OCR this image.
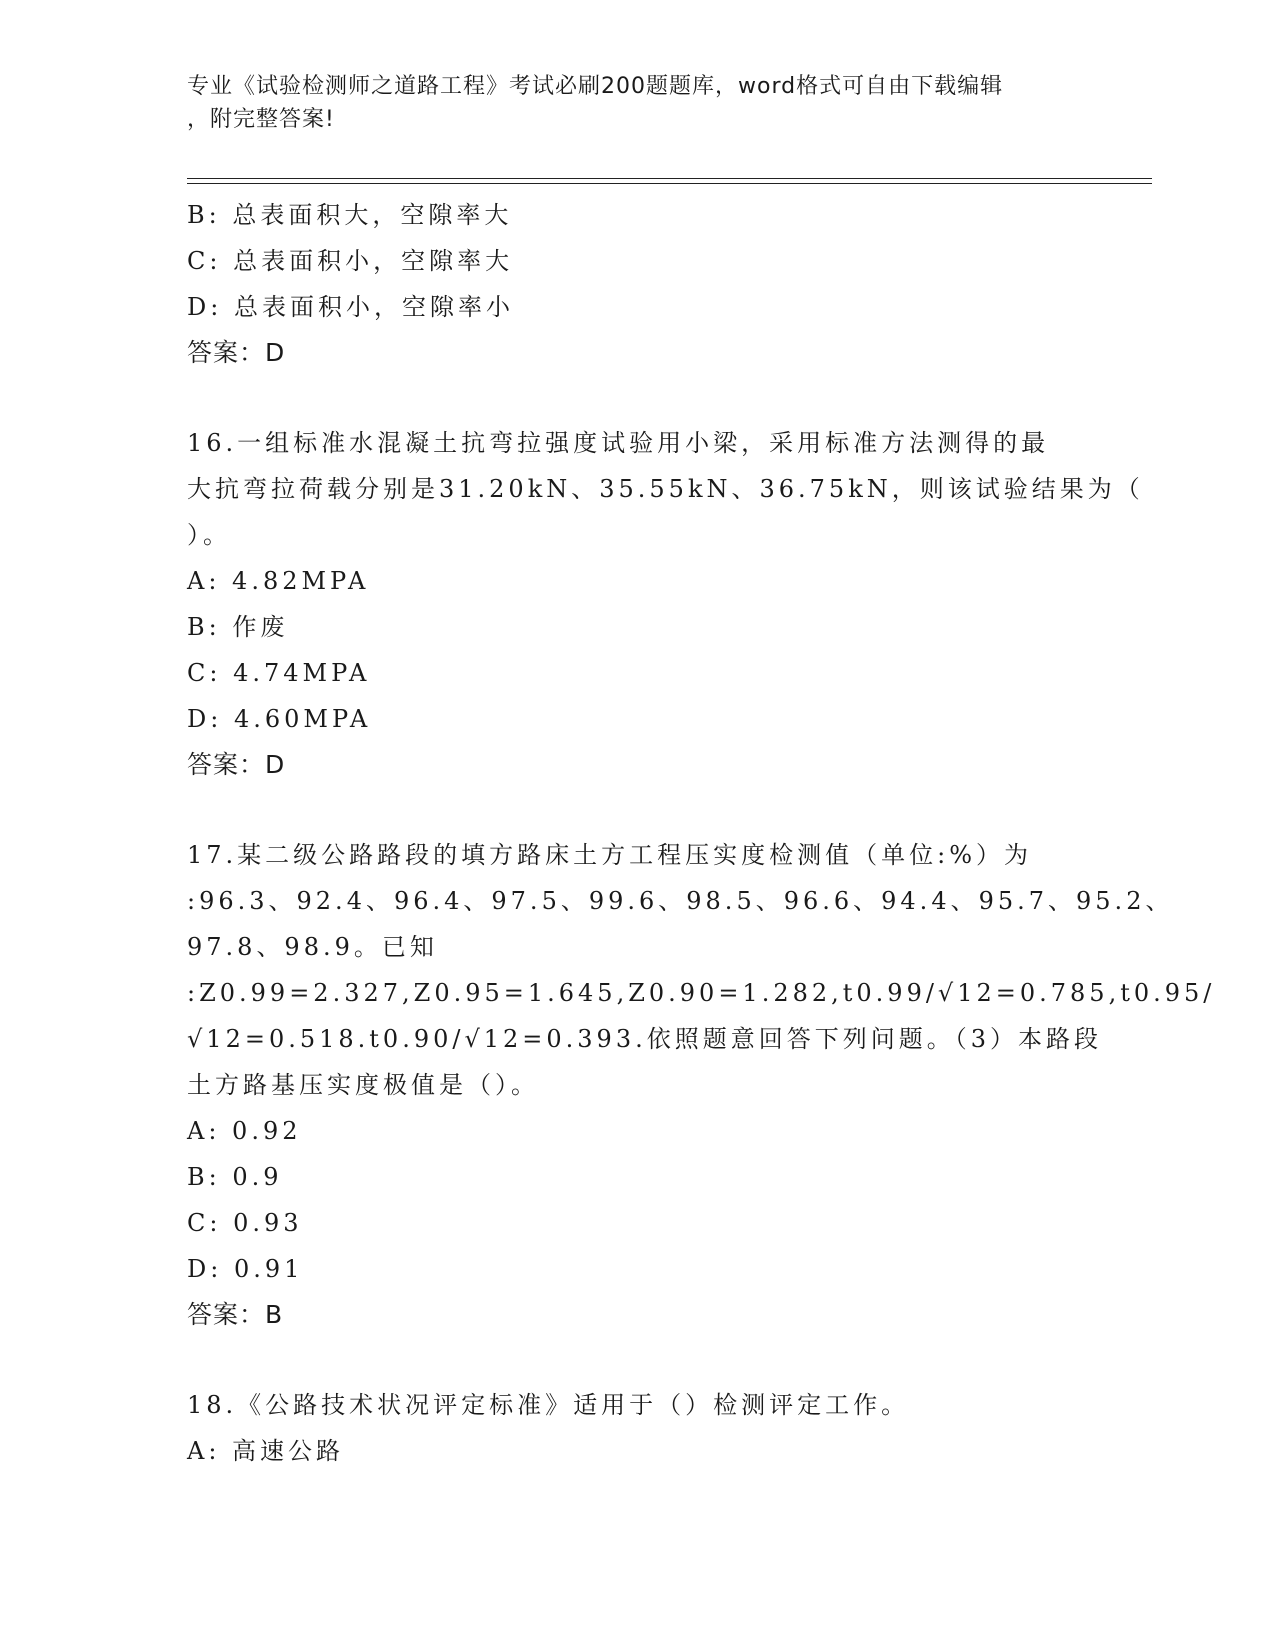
专业《试验检测师之道路工程》考试必刷200题题库，word格式可自由下载编辑
，附完整答案!
B: 总表面积大，空隙率大
C: 总表面积小，空隙率大
D: 总表面积小，空隙率小
答案：D
16.一组标准水混凝土抗弯拉强度试验用小梁，采用标准方法测得的最
大抗弯拉荷载分别是31.20kN、35.55kN、36.75kN，则该试验结果为（
）。
A: 4.82MPA
B: 作废
C: 4.74MPA
D: 4.60MPA
答案：D
17.某二级公路路段的填方路床土方工程压实度检测值（单位:%）为
:96.3、92.4、96.4、97.5、99.6、98.5、96.6、94.4、95.7、95.2、
97.8、98.9。已知
:Z0.99=2.327,Z0.95=1.645,Z0.90=1.282,t0.99/√12=0.785,t0.95/
√12=0.518.t0.90/√12=0.393.依照题意回答下列问题。（3）本路段
土方路基压实度极值是（）。
A: 0.92
B: 0.9
C: 0.93
D: 0.91
答案：B
18.《公路技术状况评定标准》适用于（）检测评定工作。
A: 高速公路
